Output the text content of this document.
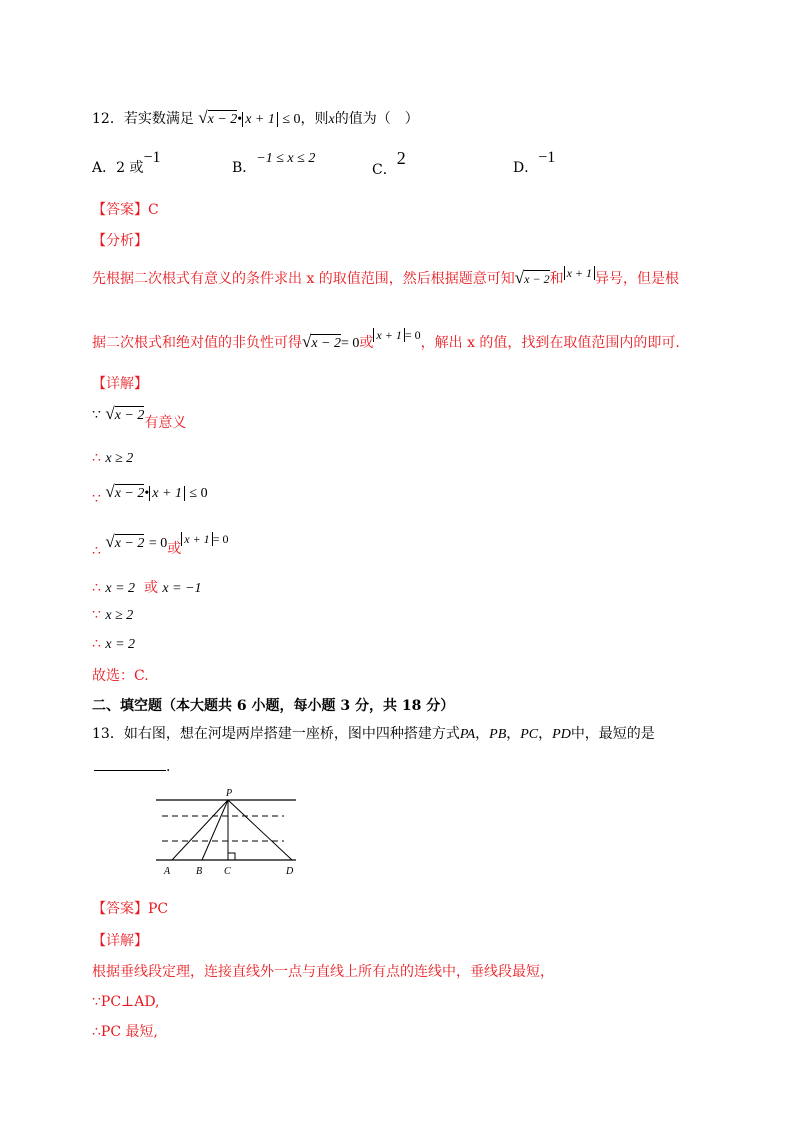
12．若实数满足 √x − 2• x + 1 ≤ 0，则x的值为（　）
A．2 或−1
B．−1 ≤ x ≤ 2
C．2	D．−1
【答案】C
【分析】
先根据二次根式有意义的条件求出 x 的取值范围，然后根据题意可知√x − 2和 x + 1 异号，但是根
据二次根式和绝对值的非负性可得√x − 2= 0或 x + 1 = 0，解出 x 的值，找到在取值范围内的即可.
【详解】
∵ √x − 2有意义
∴ x ≥ 2
∵ √x − 2• x + 1 ≤ 0
∴ √x − 2 = 0或x + 1 = 0
∴ x = 2 或 x = −1
∵ x ≥ 2
∴ x = 2
故选：C.
二、填空题（本大题共 6 小题，每小题 3 分，共 18 分）
13．如右图，想在河堤两岸搭建一座桥，图中四种搭建方式PA，PB，PC，PD中，最短的是
.
P
A	B C	D
【答案】PC
【详解】
根据垂线段定理，连接直线外一点与直线上所有点的连线中，垂线段最短，
∵PC⊥AD,
∴PC 最短,
